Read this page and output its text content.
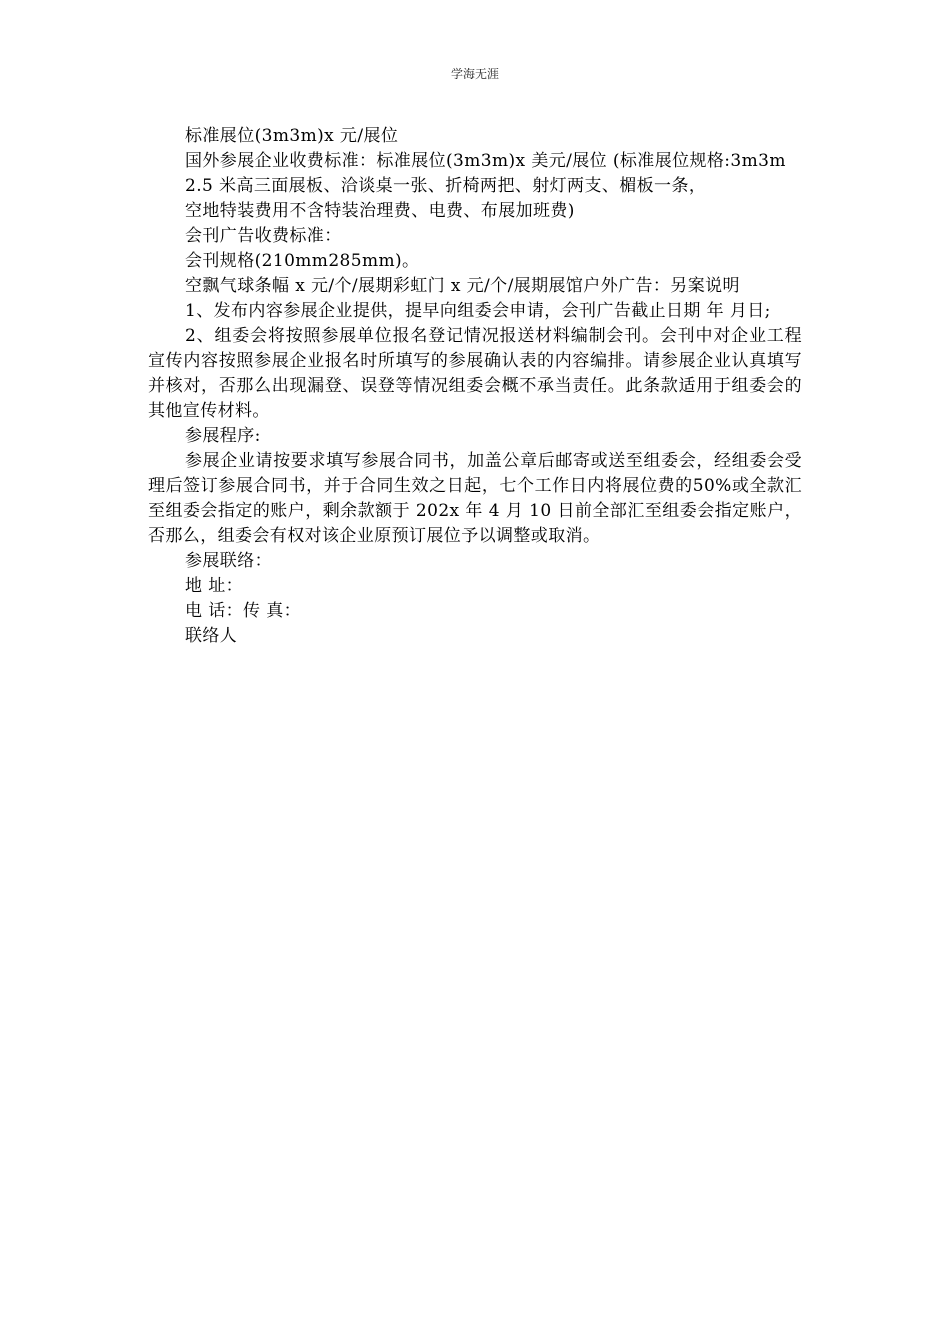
学海无涯

标准展位(3m3m)x 元/展位

国外参展企业收费标准：标准展位(3m3m)x 美元/展位 (标准展位规格:3m3m

2.5 米高三面展板、洽谈桌一张、折椅两把、射灯两支、楣板一条，

空地特装费用不含特装治理费、电费、布展加班费)

会刊广告收费标准：

会刊规格(210mm285mm)。

空飘气球条幅 x 元/个/展期彩虹门 x 元/个/展期展馆户外广告：另案说明

1、发布内容参展企业提供，提早向组委会申请，会刊广告截止日期 年 月日;

2、组委会将按照参展单位报名登记情况报送材料编制会刊。会刊中对企业工程宣传内容按照参展企业报名时所填写的参展确认表的内容编排。请参展企业认真填写并核对，否那么出现漏登、误登等情况组委会概不承当责任。此条款适用于组委会的其他宣传材料。

参展程序:

参展企业请按要求填写参展合同书，加盖公章后邮寄或送至组委会，经组委会受理后签订参展合同书，并于合同生效之日起，七个工作日内将展位费的50%或全款汇至组委会指定的账户，剩余款额于 202x 年 4 月 10 日前全部汇至组委会指定账户，否那么，组委会有权对该企业原预订展位予以调整或取消。

参展联络：

地 址：

电 话：传 真：

联络人
